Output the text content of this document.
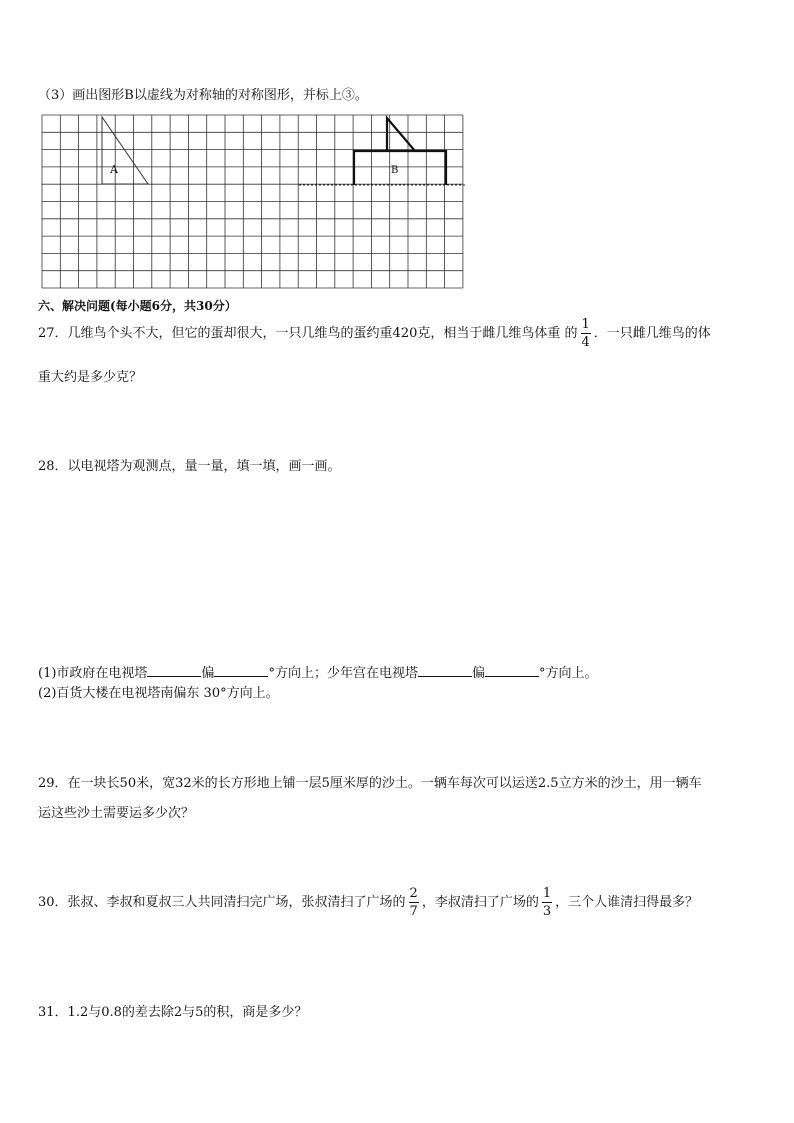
（3）画出图形B以虚线为对称轴的对称图形，并标上③。
A	B
六、解决问题(每小题6分，共30分）
27．几维鸟个头不大，但它的蛋却很大，一只几维鸟的蛋约重420克，相当于雌几维鸟体重 的 $\frac{1}{4}$ ．一只雌几维鸟的体
重大约是多少克？
28．以电视塔为观测点，量一量，填一填，画一画。
(1)市政府在电视塔	偏	°方向上；少年宫在电视塔	偏	°方向上。
(2)百货大楼在电视塔南偏东 30°方向上。
29．在一块长50米，宽32米的长方形地上铺一层5厘米厚的沙土。一辆车每次可以运送2.5立方米的沙土，用一辆车
运这些沙土需要运多少次？
30．张叔、李叔和夏叔三人共同清扫完广场，张叔清扫了广场的 $\frac{2}{7}$ ，李叔清扫了广场的 $\frac{1}{3}$ ，三个人谁清扫得最多？
31．1.2与0.8的差去除2与5的积，商是多少？
